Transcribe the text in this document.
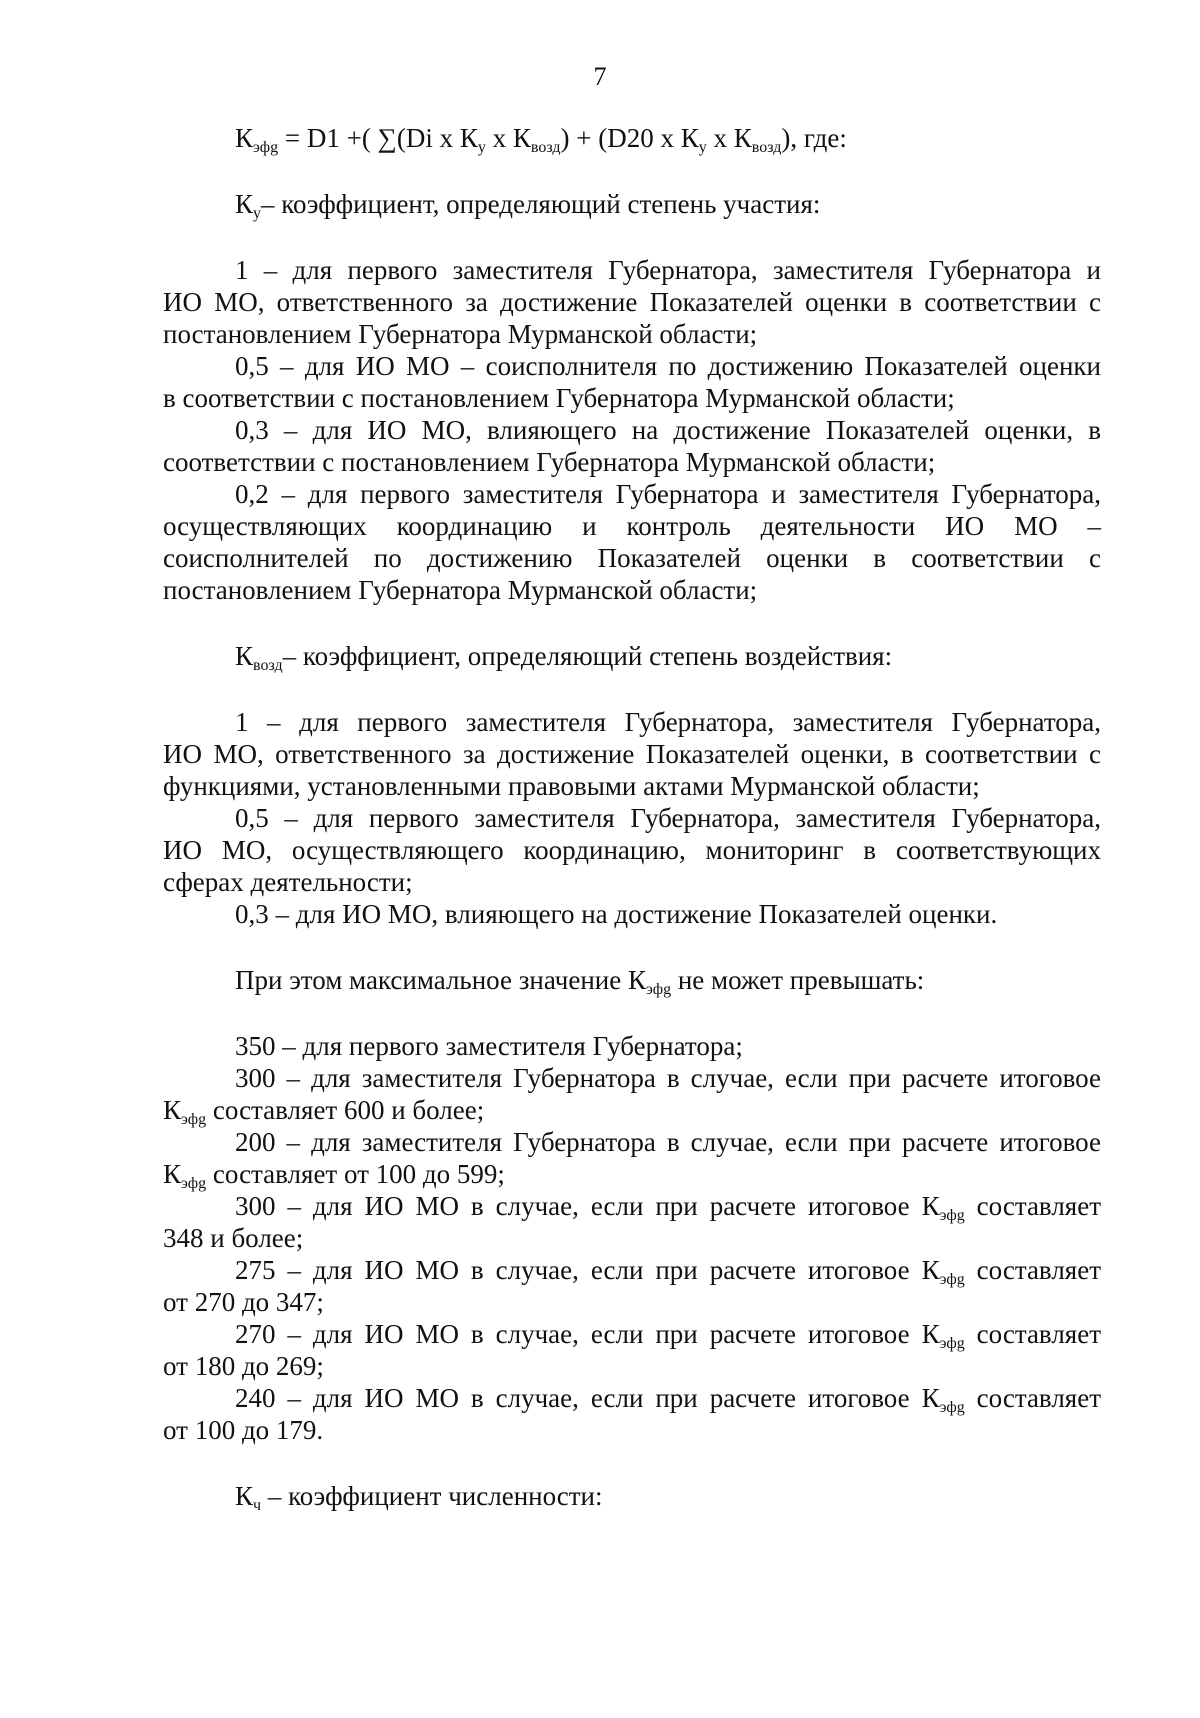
7
$К_{эфg} = D1$ +( ∑(Di x $К_у$ x $К_{возд}) + (D20$ x $К_у$ x $К_{возд}$), где:
$К_у-$ коэффициент, определяющий степень участия:
1 – для первого заместителя Губернатора, заместителя Губернатора и
ИО МО, ответственного за достижение Показателей оценки в соответствии с
постановлением Губернатора Мурманской области;
0,5 – для ИО МО – соисполнителя по достижению Показателей оценки
в соответствии с постановлением Губернатора Мурманской области;
0,3 – для ИО МО, влияющего на достижение Показателей оценки, в
соответствии с постановлением Губернатора Мурманской области;
0,2 – для первого заместителя Губернатора и заместителя Губернатора,
осуществляющих координацию и контроль деятельности ИО МО –
соисполнителей по достижению Показателей оценки в соответствии с
постановлением Губернатора Мурманской области;
$К_{возд}-$ коэффициент, определяющий степень воздействия:
1 – для первого заместителя Губернатора, заместителя Губернатора,
ИО МО, ответственного за достижение Показателей оценки, в соответствии с
функциями, установленными правовыми актами Мурманской области;
0,5 – для первого заместителя Губернатора, заместителя Губернатора,
ИО МО, осуществляющего координацию, мониторинг в соответствующих
сферах деятельности;
0,3 – для ИО МО, влияющего на достижение Показателей оценки.
При этом максимальное значение $К_{эфg}$ не может превышать:
350 – для первого заместителя Губернатора;
300 – для заместителя Губернатора в случае, если при расчете итоговое
$К_{эфg}$ составляет 600 и более;
200 – для заместителя Губернатора в случае, если при расчете итоговое
$К_{эфg}$ составляет от 100 до 599;
300 – для ИО МО в случае, если при расчете итоговое $К_{эфg}$ составляет
348 и более;
275 – для ИО МО в случае, если при расчете итоговое $К_{эфg}$ составляет
от 270 до 347;
270 – для ИО МО в случае, если при расчете итоговое $К_{эфg}$ составляет
от 180 до 269;
240 – для ИО МО в случае, если при расчете итоговое $К_{эфg}$ составляет
от 100 до 179.
$К_ч$ – коэффициент численности:
